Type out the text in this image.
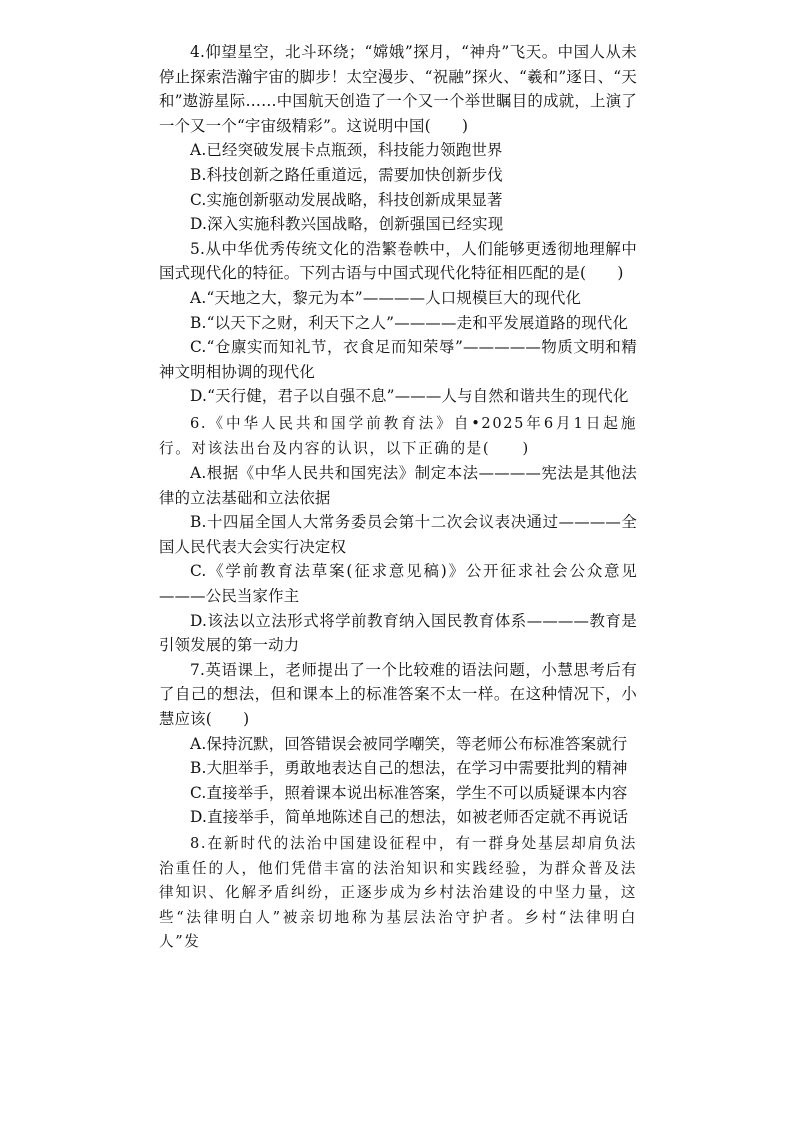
4.仰望星空，北斗环绕；“嫦娥”探月，“神舟”飞天。中国人从未停止探索浩瀚宇宙的脚步！太空漫步、“祝融”探火、“羲和”逐日、“天和”遨游星际……中国航天创造了一个又一个举世瞩目的成就，上演了一个又一个“宇宙级精彩”。这说明中国(　　)

A.已经突破发展卡点瓶颈，科技能力领跑世界

B.科技创新之路任重道远，需要加快创新步伐

C.实施创新驱动发展战略，科技创新成果显著

D.深入实施科教兴国战略，创新强国已经实现

5.从中华优秀传统文化的浩繁卷帙中，人们能够更透彻地理解中国式现代化的特征。下列古语与中国式现代化特征相匹配的是(　　)

A.“天地之大，黎元为本”————人口规模巨大的现代化

B.“以天下之财，利天下之人”————走和平发展道路的现代化

C.“仓廪实而知礼节，衣食足而知荣辱”—————物质文明和精神文明相协调的现代化

D.“天行健，君子以自强不息”———人与自然和谐共生的现代化

6.《中华人民共和国学前教育法》自•2025年6月1日起施行。对该法出台及内容的认识，以下正确的是(　　)

A.根据《中华人民共和国宪法》制定本法————宪法是其他法律的立法基础和立法依据

B.十四届全国人大常务委员会第十二次会议表决通过————全国人民代表大会实行决定权

C.《学前教育法草案(征求意见稿)》公开征求社会公众意见———公民当家作主

D.该法以立法形式将学前教育纳入国民教育体系————教育是引领发展的第一动力

7.英语课上，老师提出了一个比较难的语法问题，小慧思考后有了自己的想法，但和课本上的标准答案不太一样。在这种情况下，小慧应该(　　)

A.保持沉默，回答错误会被同学嘲笑，等老师公布标准答案就行

B.大胆举手，勇敢地表达自己的想法，在学习中需要批判的精神

C.直接举手，照着课本说出标准答案，学生不可以质疑课本内容

D.直接举手，简单地陈述自己的想法，如被老师否定就不再说话

8.在新时代的法治中国建设征程中，有一群身处基层却肩负法治重任的人，他们凭借丰富的法治知识和实践经验，为群众普及法律知识、化解矛盾纠纷，正逐步成为乡村法治建设的中坚力量，这些“法律明白人”被亲切地称为基层法治守护者。乡村“法律明白人”发
